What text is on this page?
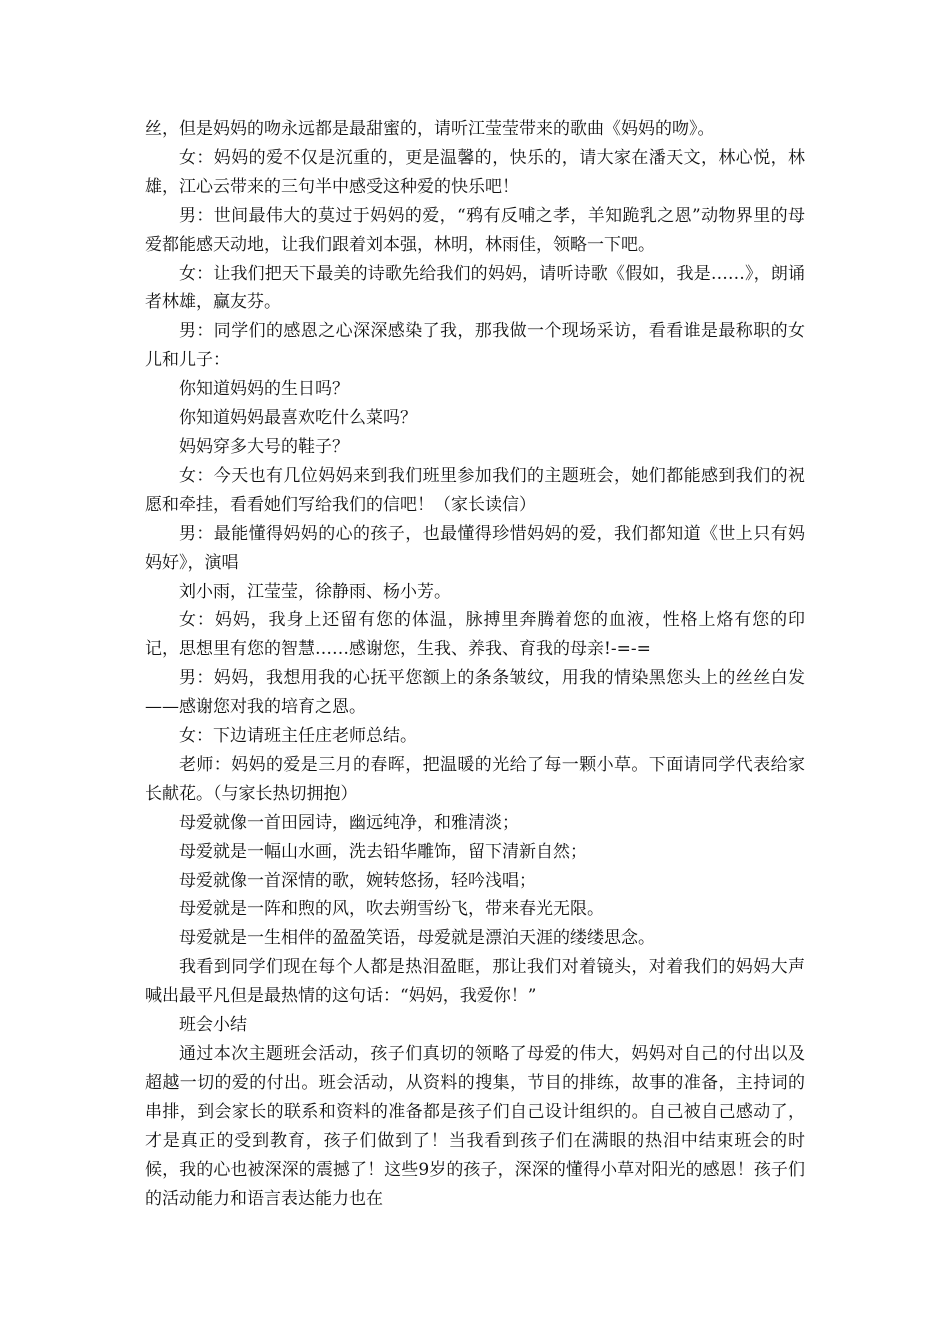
丝，但是妈妈的吻永远都是最甜蜜的，请听江莹莹带来的歌曲《妈妈的吻》。

女：妈妈的爱不仅是沉重的，更是温馨的，快乐的，请大家在潘天文，林心悦，林雄，江心云带来的三句半中感受这种爱的快乐吧！

男：世间最伟大的莫过于妈妈的爱，“鸦有反哺之孝，羊知跪乳之恩”动物界里的母爱都能感天动地，让我们跟着刘本强，林明，林雨佳，领略一下吧。

女：让我们把天下最美的诗歌先给我们的妈妈，请听诗歌《假如，我是……》，朗诵者林雄，赢友芬。

男：同学们的感恩之心深深感染了我，那我做一个现场采访，看看谁是最称职的女儿和儿子：

你知道妈妈的生日吗？

你知道妈妈最喜欢吃什么菜吗？

妈妈穿多大号的鞋子？

女：今天也有几位妈妈来到我们班里参加我们的主题班会，她们都能感到我们的祝愿和牵挂，看看她们写给我们的信吧！（家长读信）

男：最能懂得妈妈的心的孩子，也最懂得珍惜妈妈的爱，我们都知道《世上只有妈妈好》，演唱

刘小雨，江莹莹，徐静雨、杨小芳。

女：妈妈，我身上还留有您的体温，脉搏里奔腾着您的血液，性格上烙有您的印记，思想里有您的智慧……感谢您，生我、养我、育我的母亲!-=-=

男：妈妈，我想用我的心抚平您额上的条条皱纹，用我的情染黑您头上的丝丝白发——感谢您对我的培育之恩。

女：下边请班主任庄老师总结。

老师：妈妈的爱是三月的春晖，把温暖的光给了每一颗小草。下面请同学代表给家长献花。（与家长热切拥抱）

母爱就像一首田园诗，幽远纯净，和雅清淡；

母爱就是一幅山水画，洗去铅华雕饰，留下清新自然；

母爱就像一首深情的歌，婉转悠扬，轻吟浅唱；

母爱就是一阵和煦的风，吹去朔雪纷飞，带来春光无限。

母爱就是一生相伴的盈盈笑语，母爱就是漂泊天涯的缕缕思念。

我看到同学们现在每个人都是热泪盈眶，那让我们对着镜头，对着我们的妈妈大声喊出最平凡但是最热情的这句话：“妈妈，我爱你！”

班会小结

通过本次主题班会活动，孩子们真切的领略了母爱的伟大，妈妈对自己的付出以及超越一切的爱的付出。班会活动，从资料的搜集，节目的排练，故事的准备，主持词的串排，到会家长的联系和资料的准备都是孩子们自己设计组织的。自己被自己感动了，才是真正的受到教育，孩子们做到了！当我看到孩子们在满眼的热泪中结束班会的时候，我的心也被深深的震撼了！这些9岁的孩子，深深的懂得小草对阳光的感恩！孩子们的活动能力和语言表达能力也在
